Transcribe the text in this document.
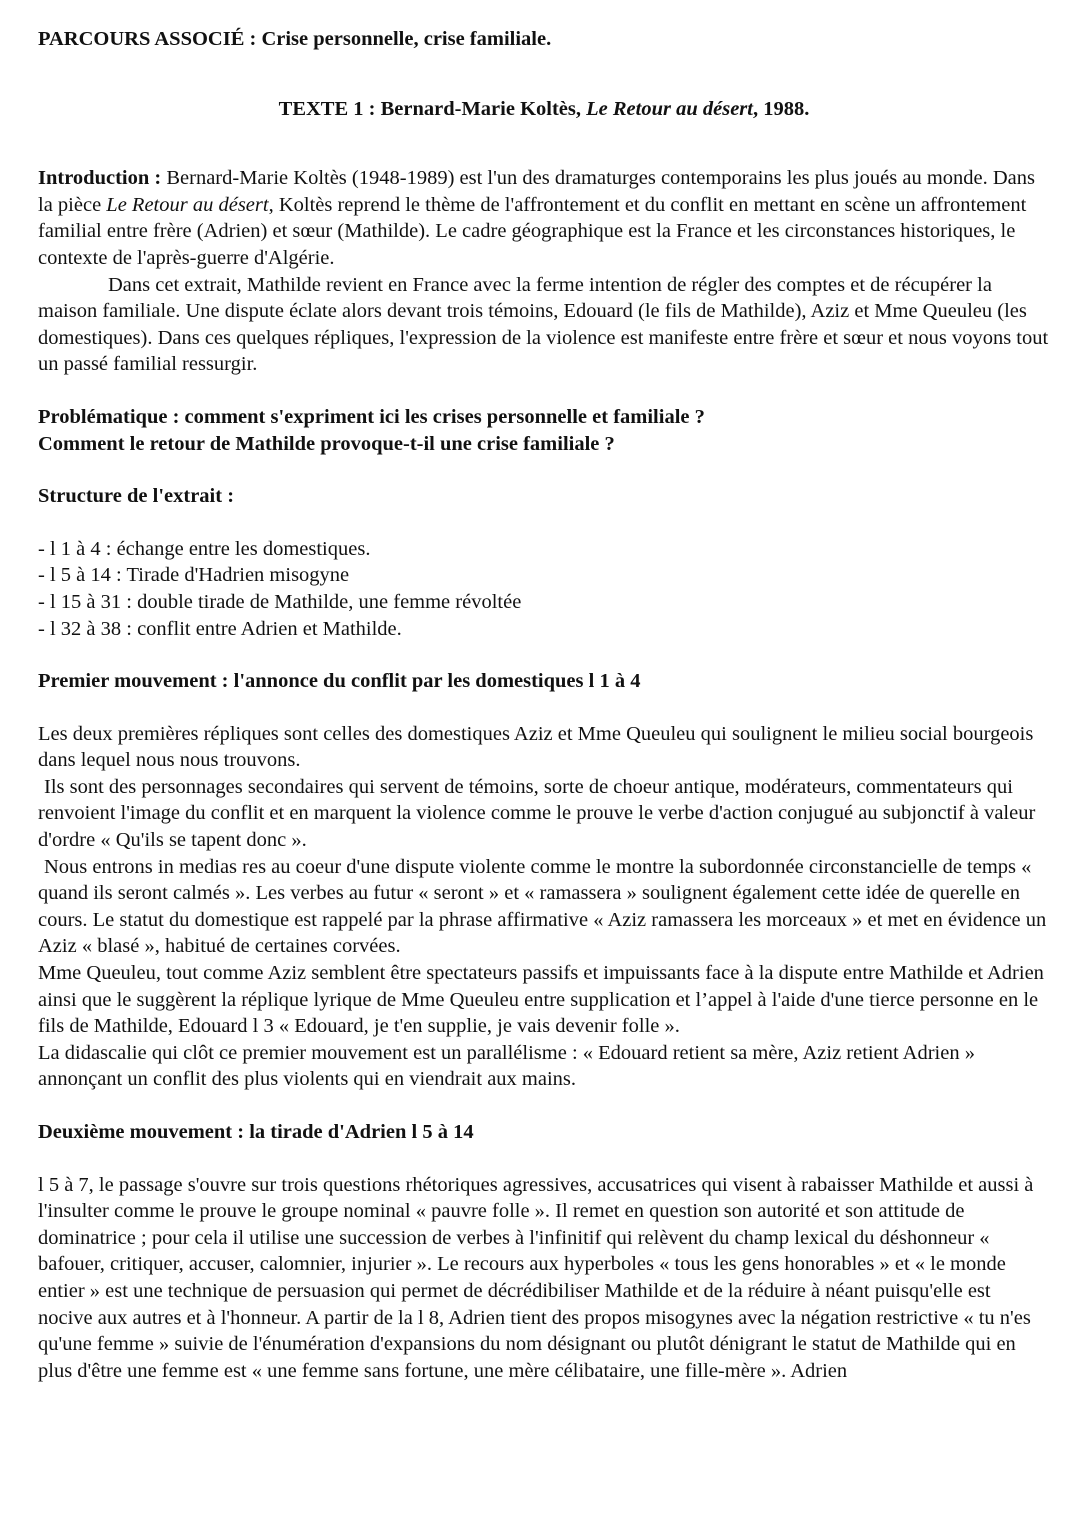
PARCOURS ASSOCIÉ : Crise personnelle, crise familiale.

TEXTE 1 : Bernard-Marie Koltès, Le Retour au désert, 1988.

Introduction : Bernard-Marie Koltès (1948-1989) est l'un des dramaturges contemporains les plus joués au monde. Dans la pièce Le Retour au désert, Koltès reprend le thème de l'affrontement et du conflit en mettant en scène un affrontement familial entre frère (Adrien) et sœur (Mathilde). Le cadre géographique est la France et les circonstances historiques, le contexte de l'après-guerre d'Algérie.

Dans cet extrait, Mathilde revient en France avec la ferme intention de régler des comptes et de récupérer la maison familiale. Une dispute éclate alors devant trois témoins, Edouard (le fils de Mathilde), Aziz et Mme Queuleu (les domestiques). Dans ces quelques répliques, l'expression de la violence est manifeste entre frère et sœur et nous voyons tout un passé familial ressurgir.

Problématique : comment s'expriment ici les crises personnelle et familiale ?

Comment le retour de Mathilde provoque-t-il une crise familiale ?

Structure de l'extrait :

- l 1 à 4 : échange entre les domestiques.

- l 5 à 14 : Tirade d'Hadrien misogyne

- l 15 à 31 : double tirade de Mathilde, une femme révoltée

- l 32 à 38 : conflit entre Adrien et Mathilde.

Premier mouvement : l'annonce du conflit par les domestiques l 1 à 4

Les deux premières répliques sont celles des domestiques Aziz et Mme Queuleu qui soulignent le milieu social bourgeois dans lequel nous nous trouvons.

Ils sont des personnages secondaires qui servent de témoins, sorte de choeur antique, modérateurs, commentateurs qui renvoient l'image du conflit et en marquent la violence comme le prouve le verbe d'action conjugué au subjonctif à valeur d'ordre « Qu'ils se tapent donc ».

Nous entrons in medias res au coeur d'une dispute violente comme le montre la subordonnée circonstancielle de temps « quand ils seront calmés ». Les verbes au futur « seront » et « ramassera » soulignent également cette idée de querelle en cours. Le statut du domestique est rappelé par la phrase affirmative « Aziz ramassera les morceaux » et met en évidence un Aziz « blasé », habitué de certaines corvées.

Mme Queuleu, tout comme Aziz semblent être spectateurs passifs et impuissants face à la dispute entre Mathilde et Adrien ainsi que le suggèrent la réplique lyrique de Mme Queuleu entre supplication et l’appel à l'aide d'une tierce personne en le fils de Mathilde, Edouard l 3 « Edouard, je t'en supplie, je vais devenir folle ».

La didascalie qui clôt ce premier mouvement est un parallélisme : « Edouard retient sa mère, Aziz retient Adrien » annonçant un conflit des plus violents qui en viendrait aux mains.

Deuxième mouvement : la tirade d'Adrien l 5 à 14

l 5 à 7, le passage s'ouvre sur trois questions rhétoriques agressives, accusatrices qui visent à rabaisser Mathilde et aussi à l'insulter comme le prouve le groupe nominal « pauvre folle ». Il remet en question son autorité et son attitude de dominatrice ; pour cela il utilise une succession de verbes à l'infinitif qui relèvent du champ lexical du déshonneur « bafouer, critiquer, accuser, calomnier, injurier ». Le recours aux hyperboles « tous les gens honorables » et « le monde entier » est une technique de persuasion qui permet de décrédibiliser Mathilde et de la réduire à néant puisqu'elle est nocive aux autres et à l'honneur. A partir de la l 8, Adrien tient des propos misogynes avec la négation restrictive « tu n'es qu'une femme » suivie de l'énumération d'expansions du nom désignant ou plutôt dénigrant le statut de Mathilde qui en plus d'être une femme est « une femme sans fortune, une mère célibataire, une fille-mère ». Adrien
